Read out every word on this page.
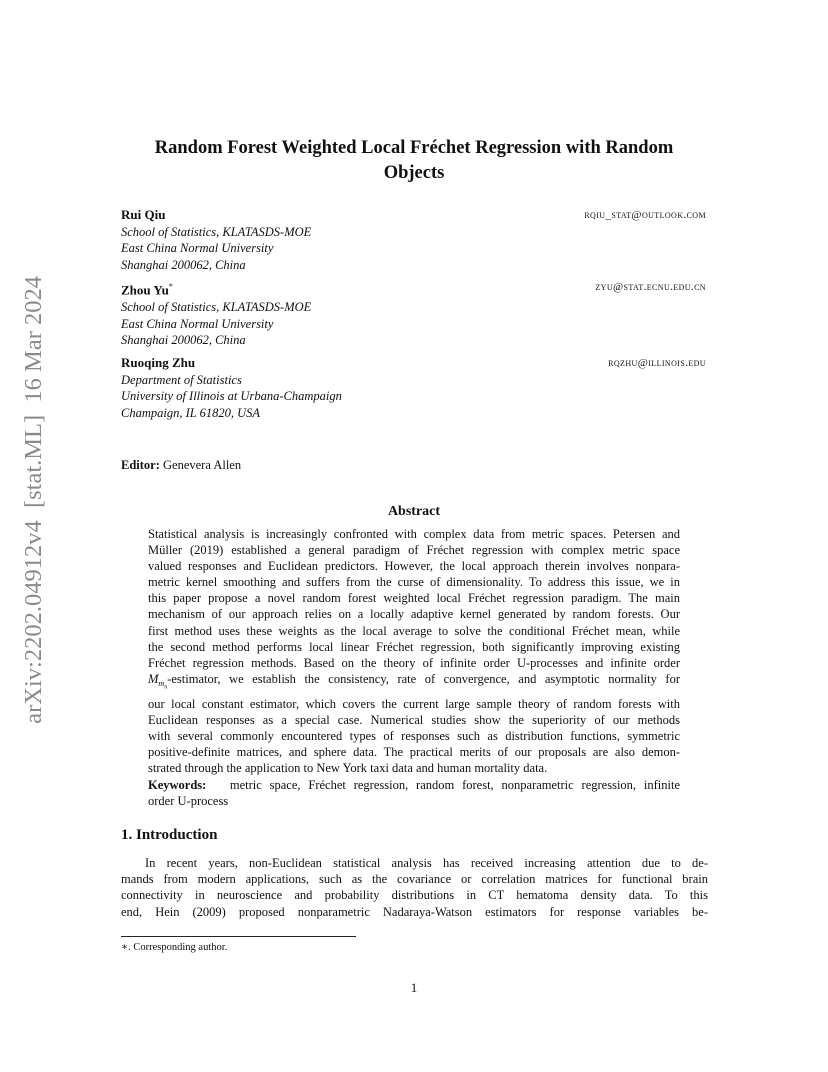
arXiv:2202.04912v4  [stat.ML]  16 Mar 2024
Random Forest Weighted Local Fréchet Regression with Random
Objects
Rui Qiu	rqiu_stat@outlook.com
School of Statistics, KLATASDS-MOE
East China Normal University
Shanghai 200062, China
Zhou Yu*	zyu@stat.ecnu.edu.cn
School of Statistics, KLATASDS-MOE
East China Normal University
Shanghai 200062, China
Ruoqing Zhu	rqzhu@illinois.edu
Department of Statistics
University of Illinois at Urbana-Champaign
Champaign, IL 61820, USA
Editor: Genevera Allen
Abstract
Statistical analysis is increasingly confronted with complex data from metric spaces. Petersen and
Müller (2019) established a general paradigm of Fréchet regression with complex metric space
valued responses and Euclidean predictors. However, the local approach therein involves nonpara-
metric kernel smoothing and suffers from the curse of dimensionality. To address this issue, we in
this paper propose a novel random forest weighted local Fréchet regression paradigm. The main
mechanism of our approach relies on a locally adaptive kernel generated by random forests. Our
first method uses these weights as the local average to solve the conditional Fréchet mean, while
the second method performs local linear Fréchet regression, both significantly improving existing
Fréchet regression methods. Based on the theory of infinite order U-processes and infinite order
$M_{m_n}$-estimator, we establish the consistency, rate of convergence, and asymptotic normality for
our local constant estimator, which covers the current large sample theory of random forests with
Euclidean responses as a special case. Numerical studies show the superiority of our methods
with several commonly encountered types of responses such as distribution functions, symmetric
positive-definite matrices, and sphere data. The practical merits of our proposals are also demon-
strated through the application to New York taxi data and human mortality data.
Keywords: metric space, Fréchet regression, random forest, nonparametric regression, infinite
order U-process
1. Introduction
In recent years, non-Euclidean statistical analysis has received increasing attention due to de-
mands from modern applications, such as the covariance or correlation matrices for functional brain
connectivity in neuroscience and probability distributions in CT hematoma density data. To this
end, Hein (2009) proposed nonparametric Nadaraya-Watson estimators for response variables be-
∗. Corresponding author.
1
